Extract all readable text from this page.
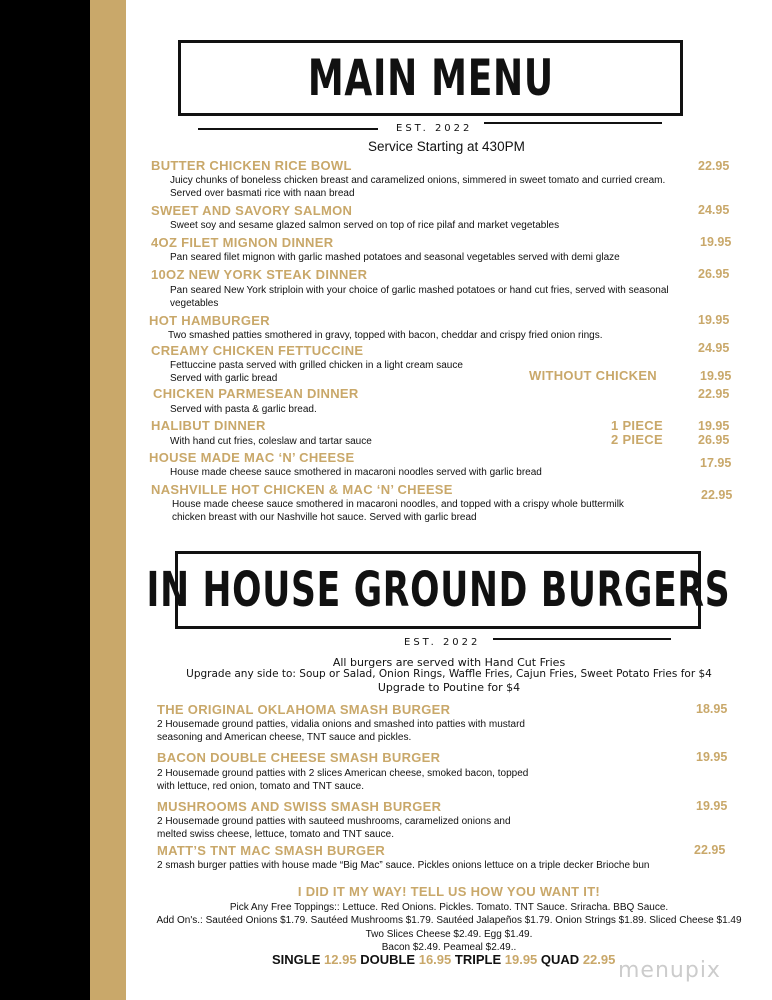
MAIN MENU
EST. 2022
Service Starting at 430PM
BUTTER CHICKEN RICE BOWL	22.95
Juicy chunks of boneless chicken breast and caramelized onions, simmered in sweet tomato and curried cream.
Served over basmati rice with naan bread
SWEET AND SAVORY SALMON	24.95
Sweet soy and sesame glazed salmon served on top of rice pilaf and market vegetables
4OZ FILET MIGNON DINNER	19.95
Pan seared filet mignon with garlic mashed potatoes and seasonal vegetables served with demi glaze
10OZ NEW YORK STEAK DINNER	26.95
Pan seared New York striploin with your choice of garlic mashed potatoes or hand cut fries, served with seasonal
vegetables
HOT HAMBURGER	19.95
Two smashed patties smothered in gravy, topped with bacon, cheddar and crispy fried onion rings.
CREAMY CHICKEN FETTUCCINE	24.95
Fettuccine pasta served with grilled chicken in a light cream sauce
Served with garlic bread	WITHOUT CHICKEN	19.95
CHICKEN PARMESEAN DINNER	22.95
Served with pasta & garlic bread.
HALIBUT DINNER	1 PIECE	19.95
2 PIECE	26.95
With hand cut fries, coleslaw and tartar sauce
HOUSE MADE MAC ‘N’ CHEESE	17.95
House made cheese sauce smothered in macaroni noodles served with garlic bread
NASHVILLE HOT CHICKEN & MAC ‘N’ CHEESE	22.95
House made cheese sauce smothered in macaroni noodles, and topped with a crispy whole buttermilk
chicken breast with our Nashville hot sauce. Served with garlic bread
IN HOUSE GROUND BURGERS
EST. 2022
All burgers are served with Hand Cut Fries
Upgrade any side to: Soup or Salad, Onion Rings, Waffle Fries, Cajun Fries, Sweet Potato Fries for $4
Upgrade to Poutine for $4
THE ORIGINAL OKLAHOMA SMASH BURGER	18.95
2 Housemade ground patties, vidalia onions and smashed into patties with mustard
seasoning and American cheese, TNT sauce and pickles.
BACON DOUBLE CHEESE SMASH BURGER	19.95
2 Housemade ground patties with 2 slices American cheese, smoked bacon, topped
with lettuce, red onion, tomato and TNT sauce.
MUSHROOMS AND SWISS SMASH BURGER	19.95
2 Housemade ground patties with sauteed mushrooms, caramelized onions and
melted swiss cheese, lettuce, tomato and TNT sauce.
MATT’S TNT MAC SMASH BURGER	22.95
2 smash burger patties with house made “Big Mac” sauce. Pickles onions lettuce on a triple decker Brioche bun
I DID IT MY WAY! TELL US HOW YOU WANT IT!
Pick Any Free Toppings:: Lettuce. Red Onions. Pickles. Tomato. TNT Sauce. Sriracha. BBQ Sauce.
Add On's.: Sautéed Onions $1.79. Sautéed Mushrooms $1.79. Sautéed Jalapeños $1.79. Onion Strings $1.89. Sliced Cheese $1.49
Two Slices Cheese $2.49. Egg $1.49.
Bacon $2.49. Peameal $2.49..
SINGLE 12.95 DOUBLE 16.95 TRIPLE 19.95 QUAD 22.95 menupix
